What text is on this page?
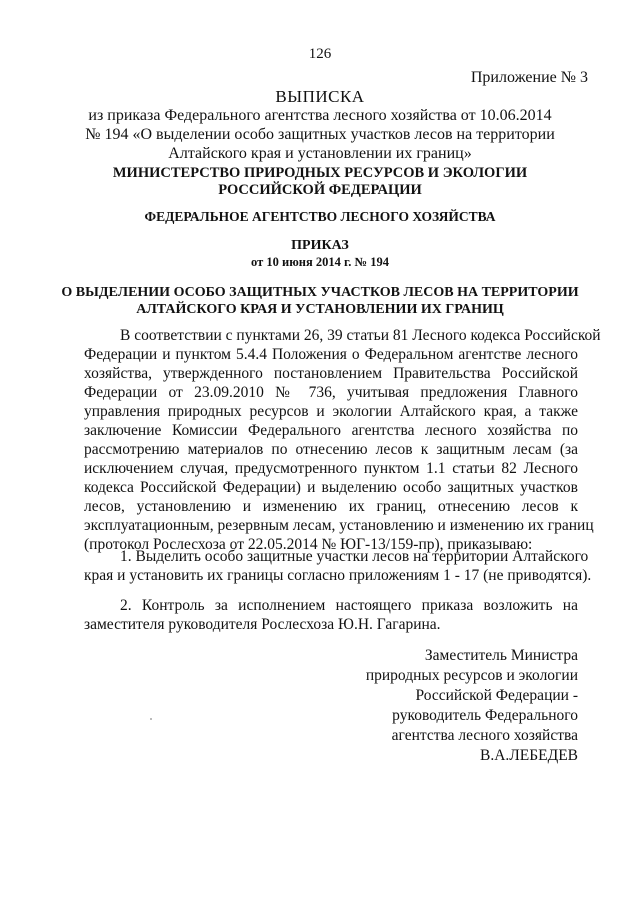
126
Приложение № 3
ВЫПИСКА
из приказа Федерального агентства лесного хозяйства от 10.06.2014
№ 194 «О выделении особо защитных участков лесов на территории
Алтайского края и установлении их границ»
МИНИСТЕРСТВО ПРИРОДНЫХ РЕСУРСОВ И ЭКОЛОГИИ
РОССИЙСКОЙ ФЕДЕРАЦИИ
ФЕДЕРАЛЬНОЕ АГЕНТСТВО ЛЕСНОГО ХОЗЯЙСТВА
ПРИКАЗ
от 10 июня 2014 г. № 194
О ВЫДЕЛЕНИИ ОСОБО ЗАЩИТНЫХ УЧАСТКОВ ЛЕСОВ НА ТЕРРИТОРИИ
АЛТАЙСКОГО КРАЯ И УСТАНОВЛЕНИИ ИХ ГРАНИЦ
В соответствии с пунктами 26, 39 статьи 81 Лесного кодекса Российской
Федерации и пунктом 5.4.4 Положения о Федеральном агентстве лесного
хозяйства, утвержденного постановлением Правительства Российской
Федерации от 23.09.2010 № 736, учитывая предложения Главного
управления природных ресурсов и экологии Алтайского края, а также
заключение Комиссии Федерального агентства лесного хозяйства по
рассмотрению материалов по отнесению лесов к защитным лесам (за
исключением случая, предусмотренного пунктом 1.1 статьи 82 Лесного
кодекса Российской Федерации) и выделению особо защитных участков
лесов, установлению и изменению их границ, отнесению лесов к
эксплуатационным, резервным лесам, установлению и изменению их границ
(протокол Рослесхоза от 22.05.2014 № ЮГ-13/159-пр), приказываю:
1. Выделить особо защитные участки лесов на территории Алтайского
края и установить их границы согласно приложениям 1 - 17 (не приводятся).
2. Контроль за исполнением настоящего приказа возложить на
заместителя руководителя Рослесхоза Ю.Н. Гагарина.
Заместитель Министра
природных ресурсов и экологии
Российской Федерации -
руководитель Федерального
агентства лесного хозяйства
В.А.ЛЕБЕДЕВ
